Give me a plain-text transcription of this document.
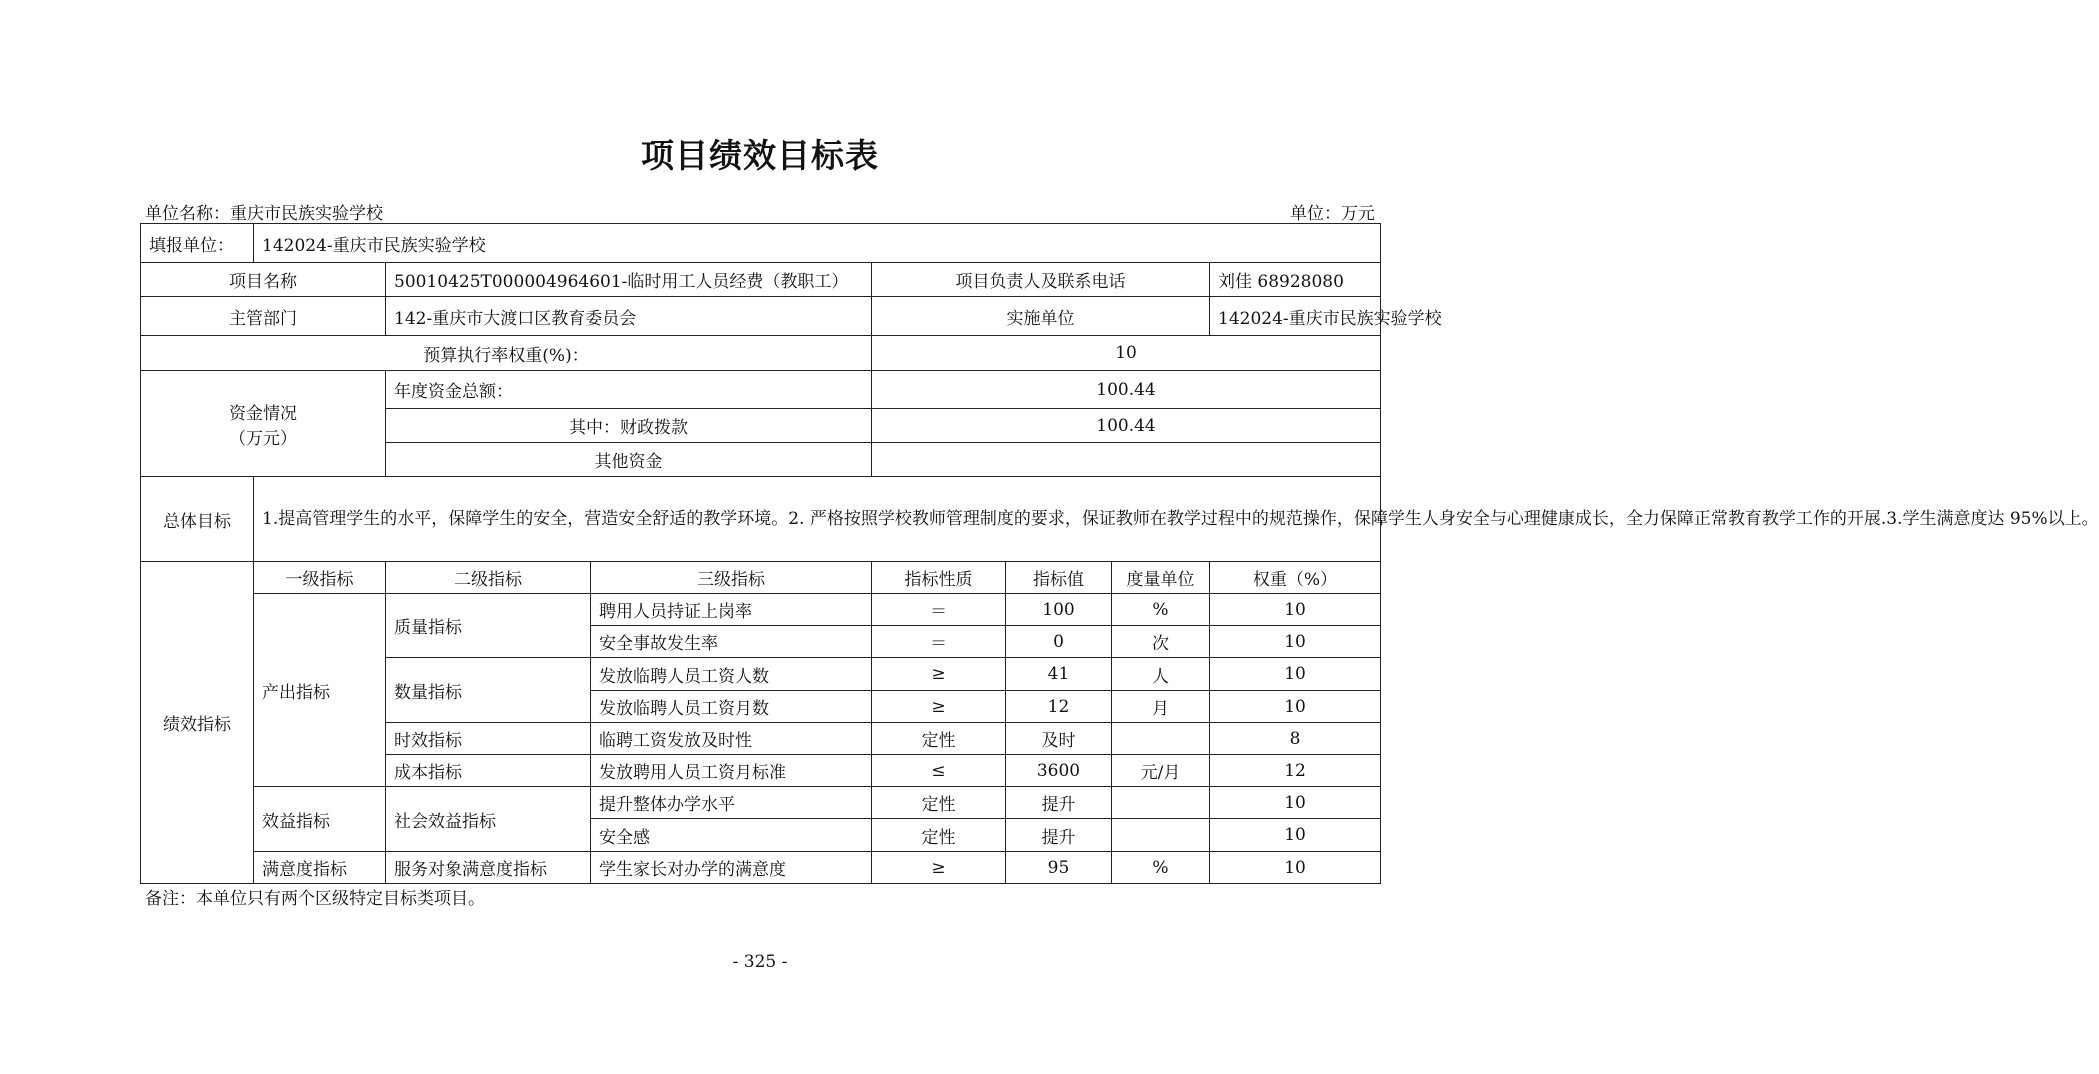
项目绩效目标表
单位名称：重庆市民族实验学校	单位：万元
填报单位：	142024-重庆市民族实验学校						
项目名称		50010425T000004964601-临时用工人员经费（教职工）		项目负责人及联系电话			刘佳 68928080
主管部门		142-重庆市大渡口区教育委员会		实施单位			142024-重庆市民族实验学校
预算执行率权重(%)：				10			

资金情况
（万元）		年度资金总额：		100.44			
		其中：财政拨款		100.44			
		其他资金					
总体目标	1.提高管理学生的水平，保障学生的安全，营造安全舒适的教学环境。2. 严格按照学校教师管理制度的要求，保证教师在教学过程中的规范操作，保障学生人身安全与心理健康成长，全力保障正常教育教学工作的开展.3.学生满意度达 95%以上。						
绩效指标	一级指标	二级指标	三级指标	指标性质	指标值	度量单位	权重（%）
	产出指标	质量指标	聘用人员持证上岗率	＝	100	%	10
			安全事故发生率	＝	0	次	10
		数量指标	发放临聘人员工资人数	≥	41	人	10
			发放临聘人员工资月数	≥	12	月	10
		时效指标	临聘工资发放及时性	定性	及时		8
		成本指标	发放聘用人员工资月标准	≤	3600	元/月	12
	效益指标	社会效益指标	提升整体办学水平	定性	提升		10
			安全感	定性	提升		10
	满意度指标	服务对象满意度指标	学生家长对办学的满意度	≥	95	%	10
备注：本单位只有两个区级特定目标类项目。
- 325 -
